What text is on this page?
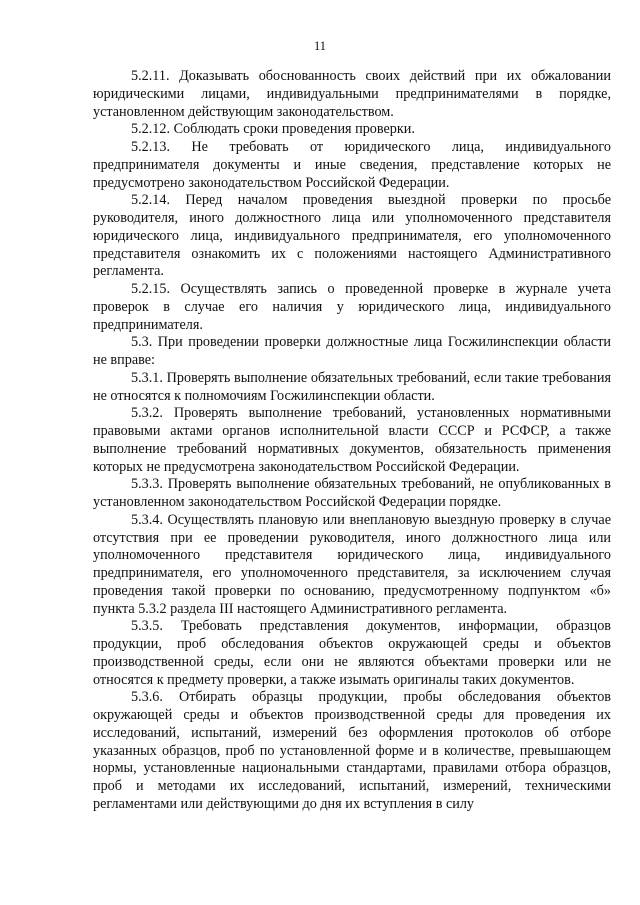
11

5.2.11. Доказывать обоснованность своих действий при их обжаловании юридическими лицами, индивидуальными предпринимателями в порядке, установленном действующим законодательством.

5.2.12. Соблюдать сроки проведения проверки.

5.2.13. Не требовать от юридического лица, индивидуального предпринимателя документы и иные сведения, представление которых не предусмотрено законодательством Российской Федерации.

5.2.14. Перед началом проведения выездной проверки по просьбе руководителя, иного должностного лица или уполномоченного представителя юридического лица, индивидуального предпринимателя, его уполномоченного представителя ознакомить их с положениями настоящего Административного регламента.

5.2.15. Осуществлять запись о проведенной проверке в журнале учета проверок в случае его наличия у юридического лица, индивидуального предпринимателя.

5.3. При проведении проверки должностные лица Госжилинспекции области не вправе:

5.3.1. Проверять выполнение обязательных требований, если такие требования не относятся к полномочиям Госжилинспекции области.

5.3.2. Проверять выполнение требований, установленных нормативными правовыми актами органов исполнительной власти СССР и РСФСР, а также выполнение требований нормативных документов, обязательность применения которых не предусмотрена законодательством Российской Федерации.

5.3.3. Проверять выполнение обязательных требований, не опубликованных в установленном законодательством Российской Федерации порядке.

5.3.4. Осуществлять плановую или внеплановую выездную проверку в случае отсутствия при ее проведении руководителя, иного должностного лица или уполномоченного представителя юридического лица, индивидуального предпринимателя, его уполномоченного представителя, за исключением случая проведения такой проверки по основанию, предусмотренному подпунктом «б» пункта 5.3.2 раздела III настоящего Административного регламента.

5.3.5. Требовать представления документов, информации, образцов продукции, проб обследования объектов окружающей среды и объектов производственной среды, если они не являются объектами проверки или не относятся к предмету проверки, а также изымать оригиналы таких документов.

5.3.6. Отбирать образцы продукции, пробы обследования объектов окружающей среды и объектов производственной среды для проведения их исследований, испытаний, измерений без оформления протоколов об отборе указанных образцов, проб по установленной форме и в количестве, превышающем нормы, установленные национальными стандартами, правилами отбора образцов, проб и методами их исследований, испытаний, измерений, техническими регламентами или действующими до дня их вступления в силу
